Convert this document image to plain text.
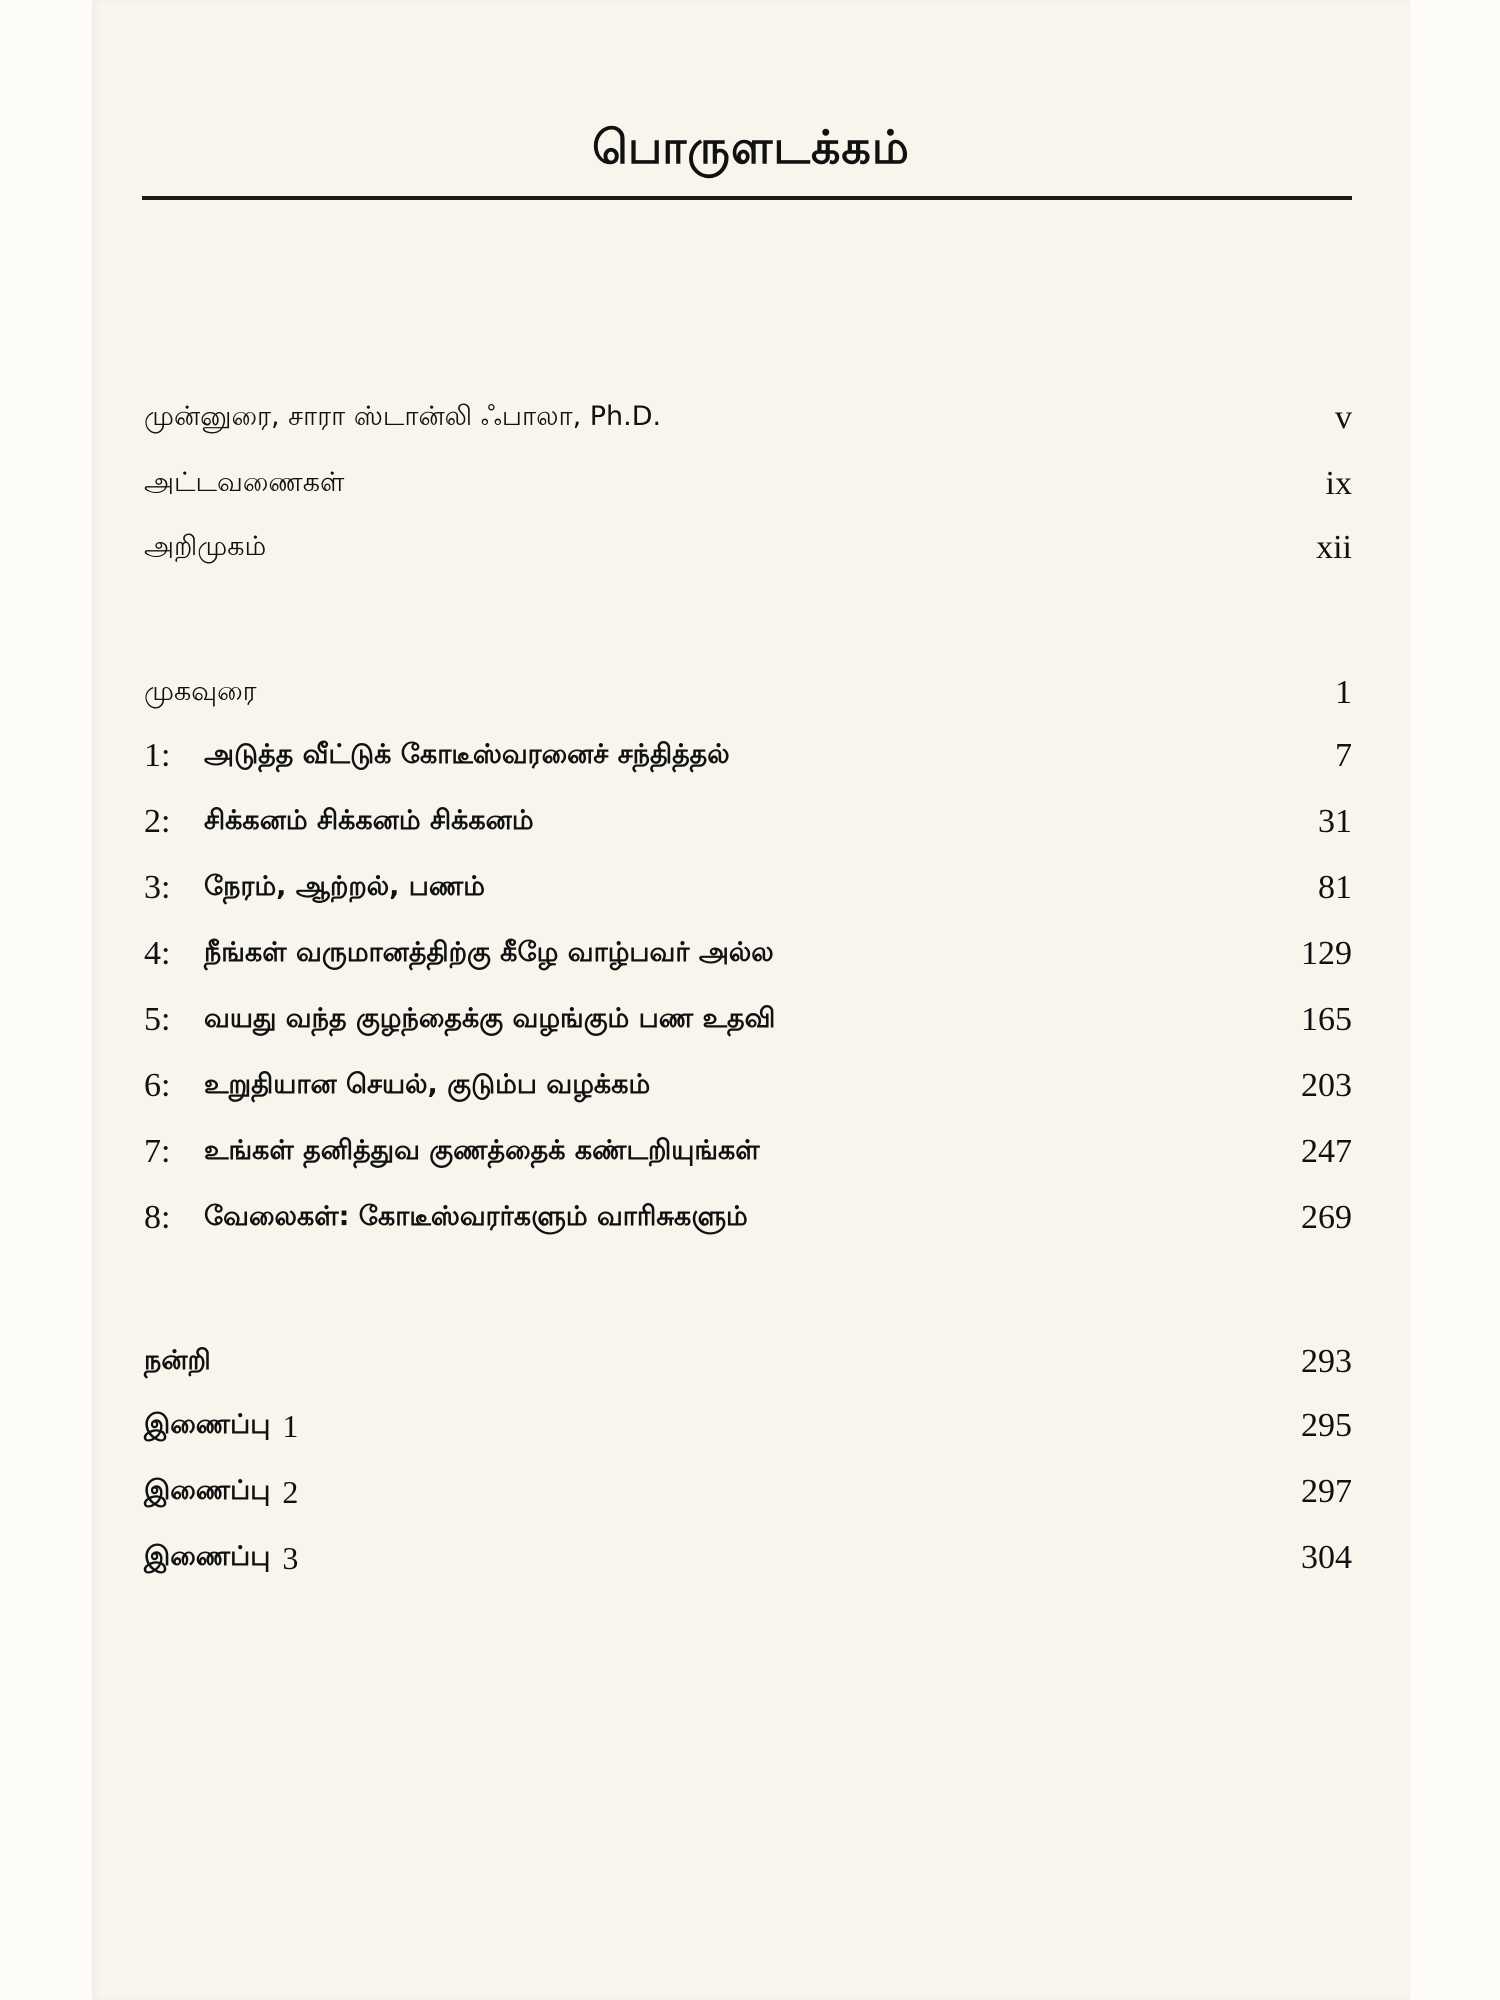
பொருளடக்கம்
முன்னுரை, சாரா ஸ்டான்லி ஃபாலா, Ph.D.	v
அட்டவணைகள்	ix
அறிமுகம்	xii
முகவுரை	1
1:	அடுத்த வீட்டுக் கோடீஸ்வரனைச் சந்தித்தல்	7
2:	சிக்கனம் சிக்கனம் சிக்கனம்	31
3:	நேரம், ஆற்றல், பணம்	81
4:	நீங்கள் வருமானத்திற்கு கீழே வாழ்பவர் அல்ல	129
5:	வயது வந்த குழந்தைக்கு வழங்கும் பண உதவி	165
6:	உறுதியான செயல், குடும்ப வழக்கம்	203
7:	உங்கள் தனித்துவ குணத்தைக் கண்டறியுங்கள்	247
8:	வேலைகள்: கோடீஸ்வரர்களும் வாரிசுகளும்	269
நன்றி	293
இணைப்பு 1	295
இணைப்பு 2	297
இணைப்பு 3	304
